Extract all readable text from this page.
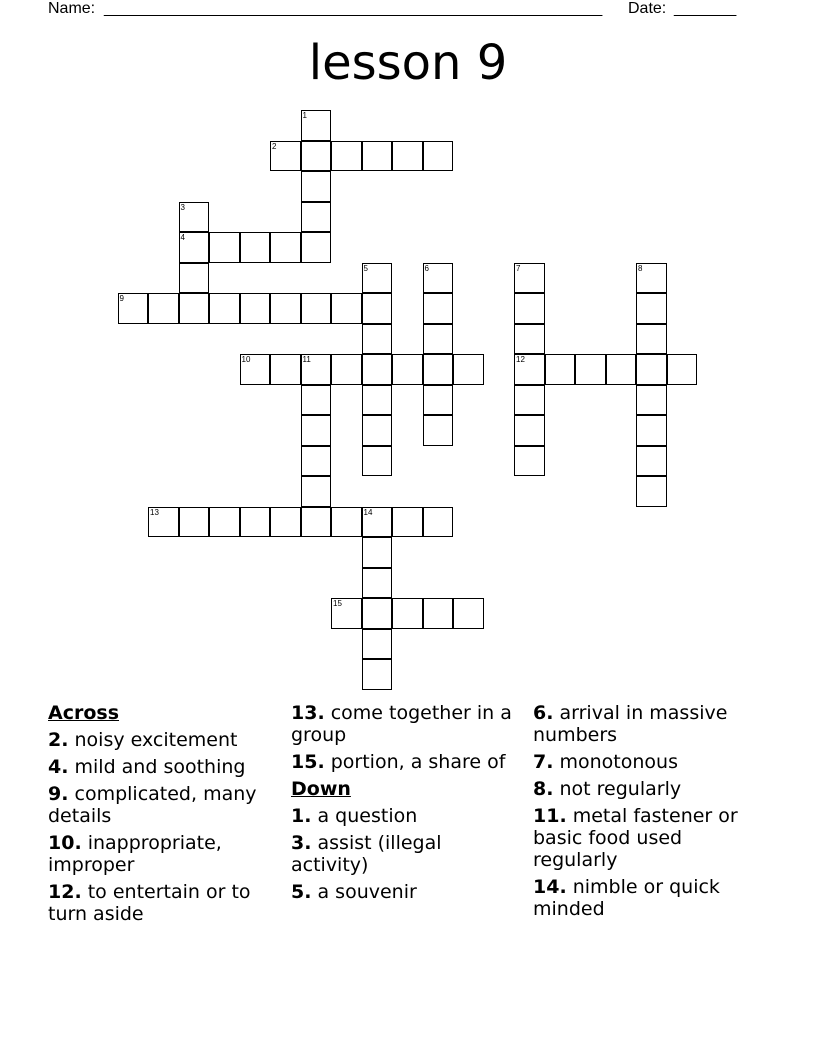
Name: ________________________________________________________ Date: _______
lesson 9
1
2
3
4
5	6	7
12
8
9
10	11
13	14
15
Across
2. noisy excitement
4. mild and soothing
9. complicated, many details
10. inappropriate, improper
12. to entertain or to turn aside
13. come together in a group
15. portion, a share of
Down
1. a question
3. assist (illegal activity)
5. a souvenir
6. arrival in massive numbers
7. monotonous
8. not regularly
11. metal fastener or basic food used regularly
14. nimble or quick minded
